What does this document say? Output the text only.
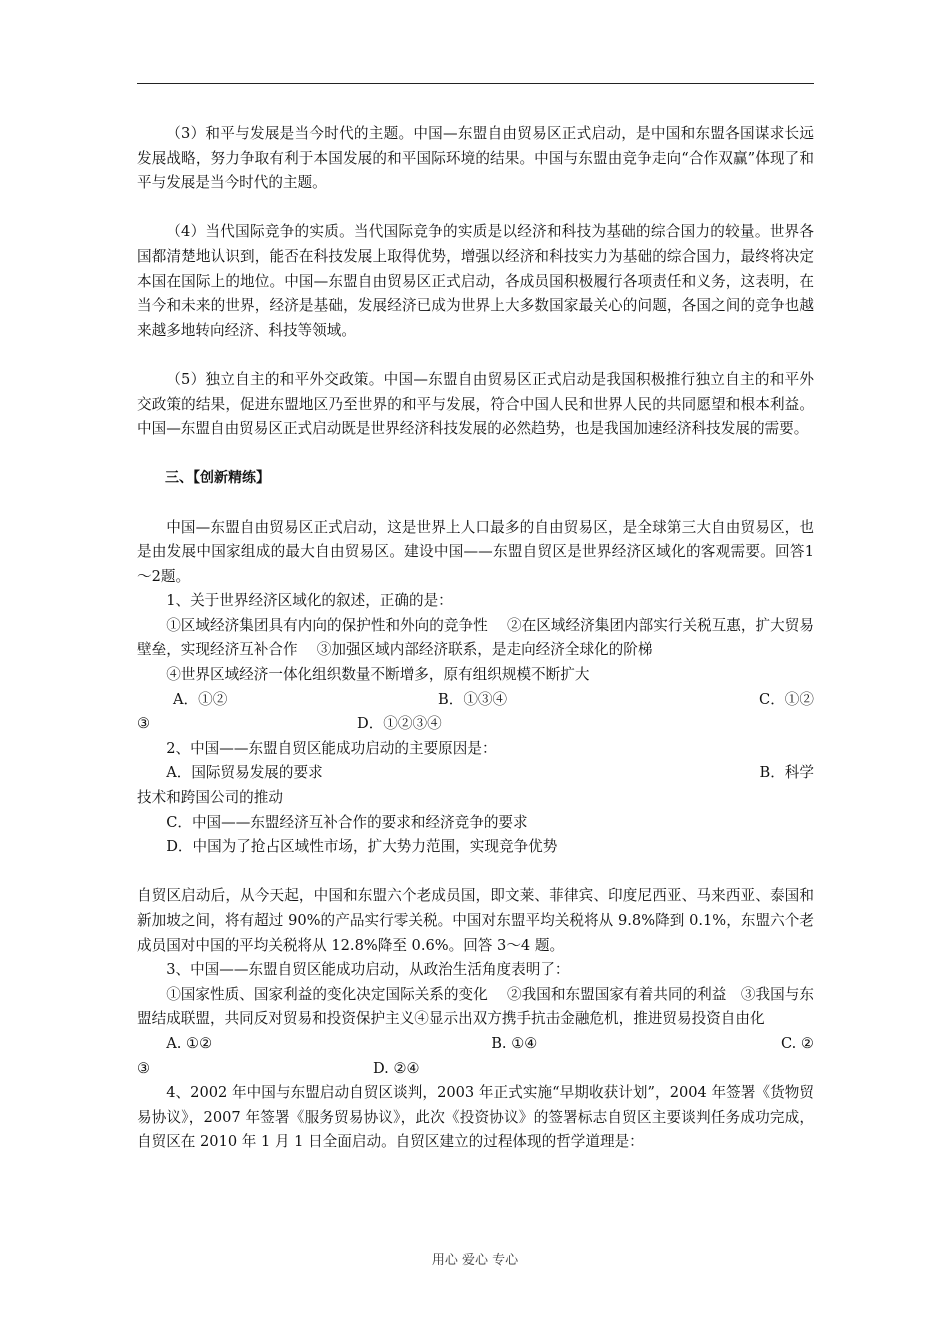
（3）和平与发展是当今时代的主题。中国—东盟自由贸易区正式启动，是中国和东盟各国谋求长远发展战略，努力争取有利于本国发展的和平国际环境的结果。中国与东盟由竞争走向“合作双赢”体现了和平与发展是当今时代的主题。

（4）当代国际竞争的实质。当代国际竞争的实质是以经济和科技为基础的综合国力的较量。世界各国都清楚地认识到，能否在科技发展上取得优势，增强以经济和科技实力为基础的综合国力，最终将决定本国在国际上的地位。中国—东盟自由贸易区正式启动，各成员国积极履行各项责任和义务，这表明，在当今和未来的世界，经济是基础，发展经济已成为世界上大多数国家最关心的问题，各国之间的竞争也越来越多地转向经济、科技等领域。

（5）独立自主的和平外交政策。中国—东盟自由贸易区正式启动是我国积极推行独立自主的和平外交政策的结果，促进东盟地区乃至世界的和平与发展，符合中国人民和世界人民的共同愿望和根本利益。中国—东盟自由贸易区正式启动既是世界经济科技发展的必然趋势，也是我国加速经济科技发展的需要。

三、【创新精练】

中国—东盟自由贸易区正式启动，这是世界上人口最多的自由贸易区，是全球第三大自由贸易区，也是由发展中国家组成的最大自由贸易区。建设中国——东盟自贸区是世界经济区域化的客观需要。回答1～2题。

1、关于世界经济区域化的叙述，正确的是：

①区域经济集团具有内向的保护性和外向的竞争性　 ②在区域经济集团内部实行关税互惠，扩大贸易壁垒，实现经济互补合作　 ③加强区域内部经济联系，是走向经济全球化的阶梯

④世界区域经济一体化组织数量不断增多，原有组织规模不断扩大

A．①②	B．①③④	C．①②
③	D．①②③④

2、中国——东盟自贸区能成功启动的主要原因是：

A．国际贸易发展的要求	B．科学

技术和跨国公司的推动

C．中国——东盟经济互补合作的要求和经济竞争的要求

D．中国为了抢占区域性市场，扩大势力范围，实现竞争优势

自贸区启动后，从今天起，中国和东盟六个老成员国，即文莱、菲律宾、印度尼西亚、马来西亚、泰国和新加坡之间，将有超过 90%的产品实行零关税。中国对东盟平均关税将从 9.8%降到 0.1%，东盟六个老成员国对中国的平均关税将从 12.8%降至 0.6%。回答 3～4 题。

3、中国——东盟自贸区能成功启动，从政治生活角度表明了：

①国家性质、国家利益的变化决定国际关系的变化　 ②我国和东盟国家有着共同的利益　③我国与东盟结成联盟，共同反对贸易和投资保护主义④显示出双方携手抗击金融危机，推进贸易投资自由化

A. ①②	B. ①④	C. ②
③	D. ②④

4、2002 年中国与东盟启动自贸区谈判，2003 年正式实施“早期收获计划”，2004 年签署《货物贸易协议》，2007 年签署《服务贸易协议》，此次《投资协议》的签署标志自贸区主要谈判任务成功完成，自贸区在 2010 年 1 月 1 日全面启动。自贸区建立的过程体现的哲学道理是：

用心 爱心 专心
